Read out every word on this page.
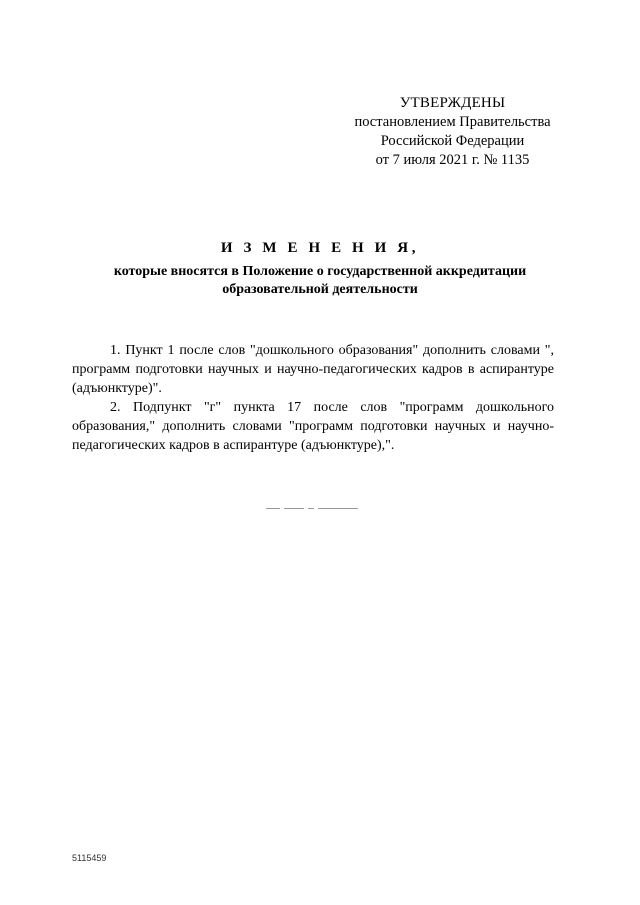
УТВЕРЖДЕНЫ
постановлением Правительства
Российской Федерации
от 7 июля 2021 г. № 1135
И З М Е Н Е Н И Я,
которые вносятся в Положение о государственной аккредитации
образовательной деятельности

1. Пункт 1 после слов "дошкольного образования" дополнить словами ", программ подготовки научных и научно-педагогических кадров в аспирантуре (адъюнктуре)".

2. Подпункт "г" пункта 17 после слов "программ дошкольного образования," дополнить словами "программ подготовки научных и научно-педагогических кадров в аспирантуре (адъюнктуре),".

5115459
